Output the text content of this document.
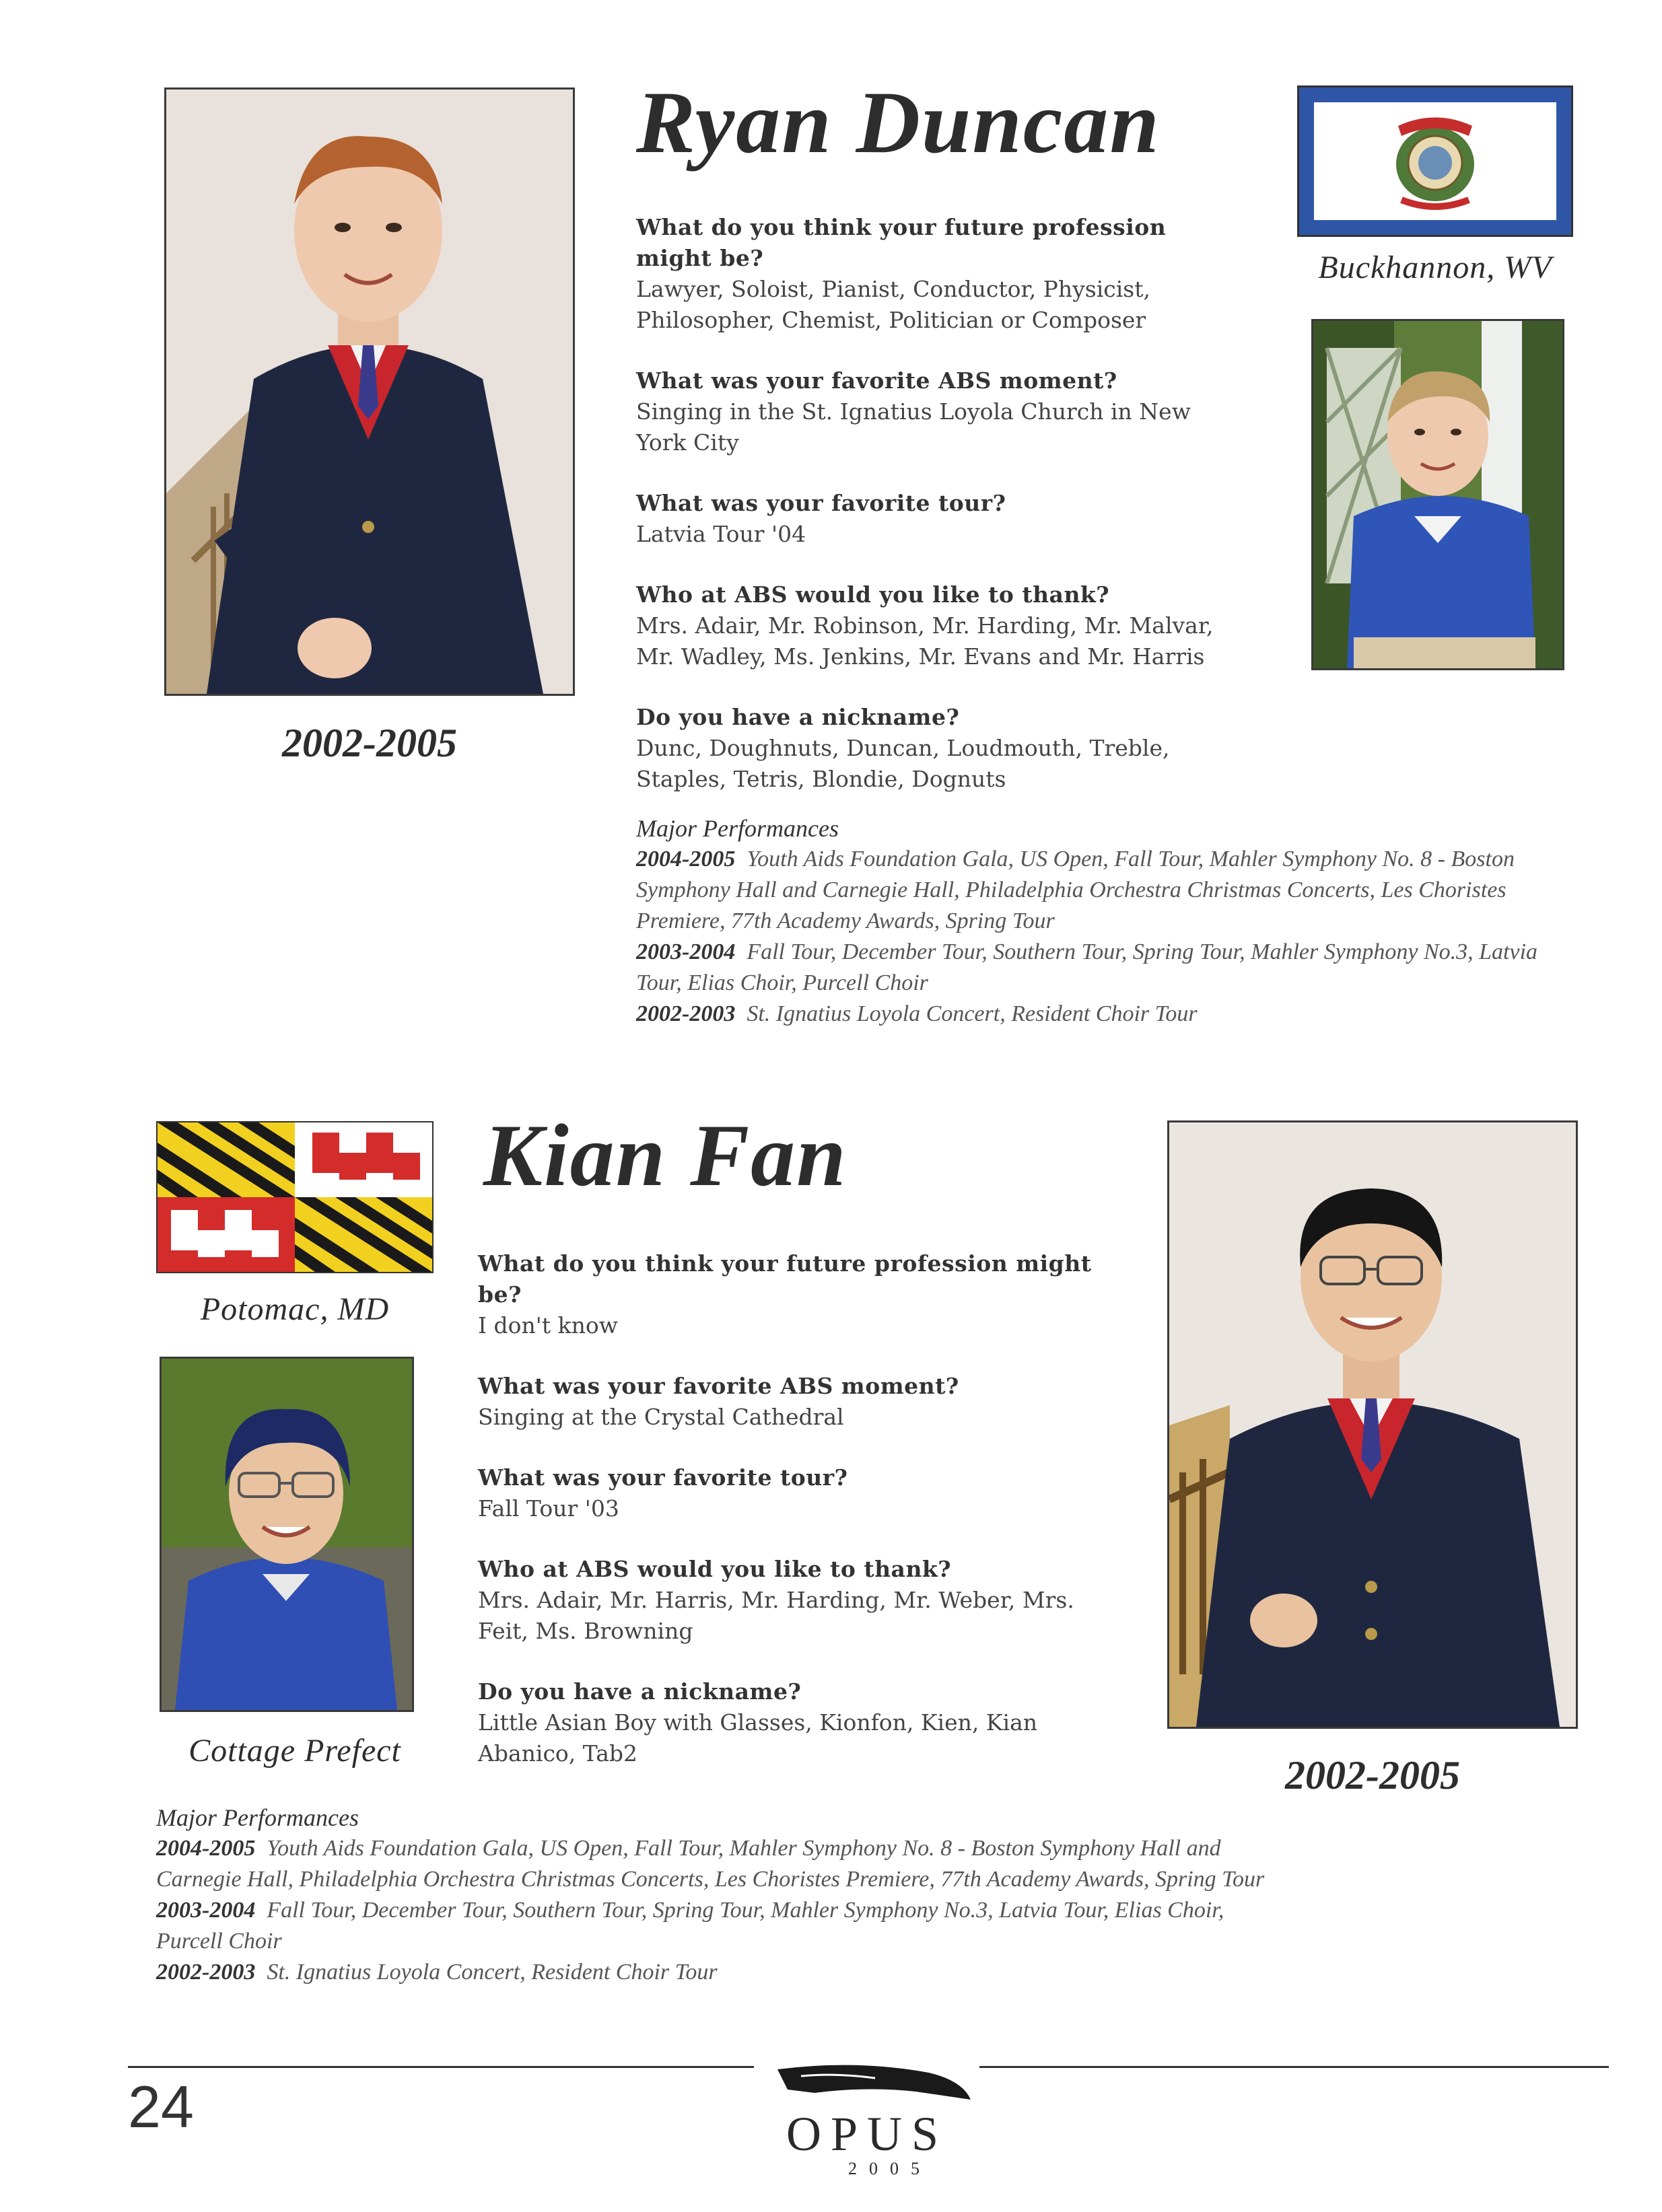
2002-2005
Ryan Duncan
Buckhannon, WV
What do you think your future profession might be?
Lawyer, Soloist, Pianist, Conductor, Physicist, Philosopher, Chemist, Politician or Composer
What was your favorite ABS moment?
Singing in the St. Ignatius Loyola Church in New York City
What was your favorite tour?
Latvia Tour '04
Who at ABS would you like to thank?
Mrs. Adair, Mr. Robinson, Mr. Harding, Mr. Malvar, Mr. Wadley, Ms. Jenkins, Mr. Evans and Mr. Harris
Do you have a nickname?
Dunc, Doughnuts, Duncan, Loudmouth, Treble, Staples, Tetris, Blondie, Dognuts
Major Performances
2004-2005 Youth Aids Foundation Gala, US Open, Fall Tour, Mahler Symphony No. 8 - Boston Symphony Hall and Carnegie Hall, Philadelphia Orchestra Christmas Concerts, Les Choristes Premiere, 77th Academy Awards, Spring Tour
2003-2004 Fall Tour, December Tour, Southern Tour, Spring Tour, Mahler Symphony No.3, Latvia Tour, Elias Choir, Purcell Choir
2002-2003 St. Ignatius Loyola Concert, Resident Choir Tour
Potomac, MD
Cottage Prefect
Kian Fan
What do you think your future profession might be?
I don't know
What was your favorite ABS moment?
Singing at the Crystal Cathedral
What was your favorite tour?
Fall Tour '03
Who at ABS would you like to thank?
Mrs. Adair, Mr. Harris, Mr. Harding, Mr. Weber, Mrs. Feit, Ms. Browning
Do you have a nickname?
Little Asian Boy with Glasses, Kionfon, Kien, Kian Abanico, Tab2	2002-2005
Major Performances
2004-2005 Youth Aids Foundation Gala, US Open, Fall Tour, Mahler Symphony No. 8 - Boston Symphony Hall and Carnegie Hall, Philadelphia Orchestra Christmas Concerts, Les Choristes Premiere, 77th Academy Awards, Spring Tour
2003-2004 Fall Tour, December Tour, Southern Tour, Spring Tour, Mahler Symphony No.3, Latvia Tour, Elias Choir, Purcell Choir
2002-2003 St. Ignatius Loyola Concert, Resident Choir Tour
24	OPUS
2005
